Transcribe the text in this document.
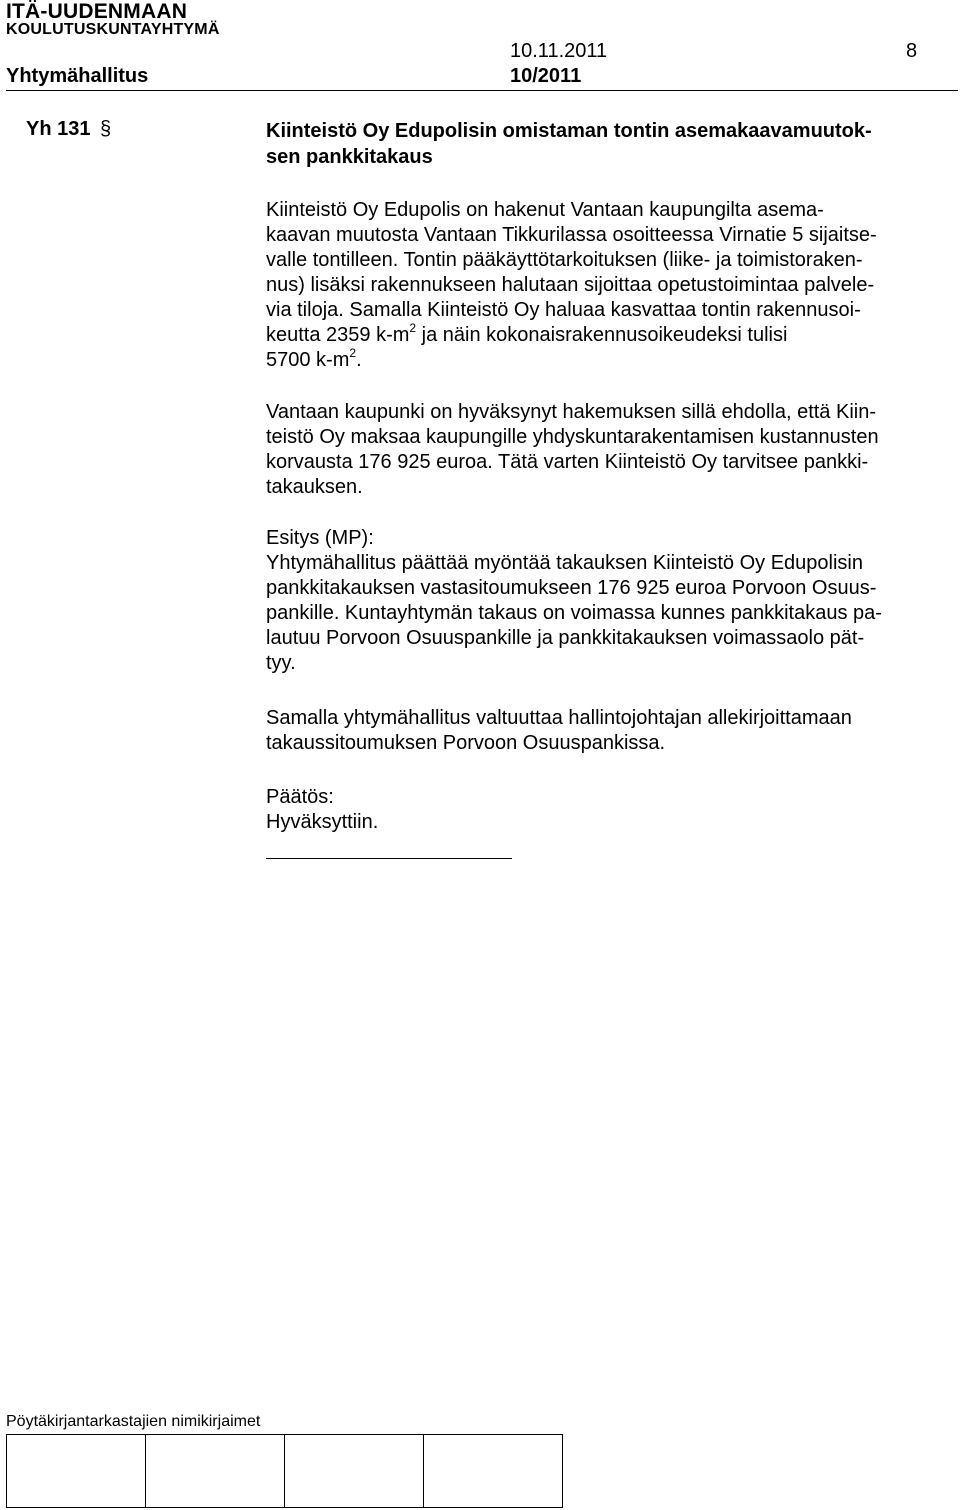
ITÄ-UUDENMAAN
KOULUTUSKUNTAYHTYMÄ
10.11.2011	8
Yhtymähallitus	10/2011
Yh 131 §	Kiinteistö Oy Edupolisin omistaman tontin asemakaavamuutok-
sen pankkitakaus
Kiinteistö Oy Edupolis on hakenut Vantaan kaupungilta asema-
kaavan muutosta Vantaan Tikkurilassa osoitteessa Virnatie 5 sijaitse-
valle tontilleen. Tontin pääkäyttötarkoituksen (liike- ja toimistoraken-
nus) lisäksi rakennukseen halutaan sijoittaa opetustoimintaa palvele-
via tiloja. Samalla Kiinteistö Oy haluaa kasvattaa tontin rakennusoi-
keutta 2359 $k-m^2$ ja näin kokonaisrakennusoikeudeksi tulisi
5700 $k-m^2$.
Vantaan kaupunki on hyväksynyt hakemuksen sillä ehdolla, että Kiin-
teistö Oy maksaa kaupungille yhdyskuntarakentamisen kustannusten
korvausta 176 925 euroa. Tätä varten Kiinteistö Oy tarvitsee pankki-
takauksen.
Esitys (MP):
Yhtymähallitus päättää myöntää takauksen Kiinteistö Oy Edupolisin
pankkitakauksen vastasitoumukseen 176 925 euroa Porvoon Osuus-
pankille. Kuntayhtymän takaus on voimassa kunnes pankkitakaus pa-
lautuu Porvoon Osuuspankille ja pankkitakauksen voimassaolo pät-
tyy.
Samalla yhtymähallitus valtuuttaa hallintojohtajan allekirjoittamaan
takaussitoumuksen Porvoon Osuuspankissa.
Päätös:
Hyväksyttiin.
Pöytäkirjantarkastajien nimikirjaimet
